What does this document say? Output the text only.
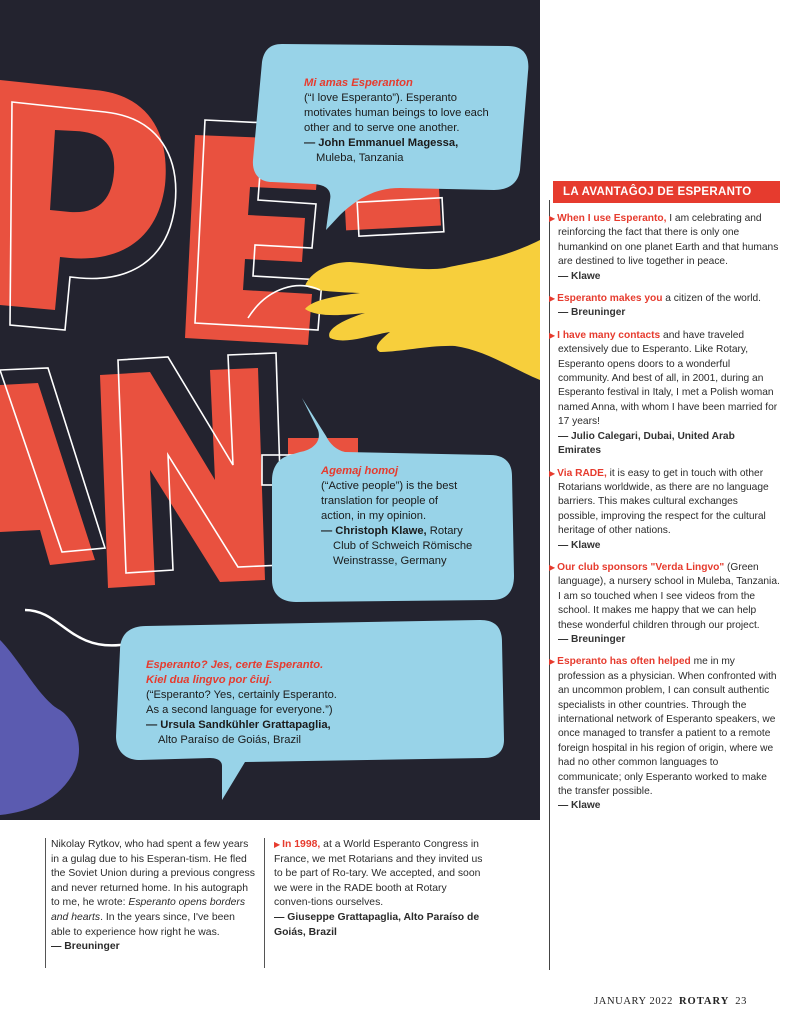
Mi amas Esperanton
(“I love Esperanto”). Esperanto
motivates human beings to love each
other and to serve one another.
— John Emmanuel Magessa,
Muleba, Tanzania
Agemaj homoj
(“Active people”) is the best
translation for people of
action, in my opinion.
— Christoph Klawe, Rotary
Club of Schweich Römische
Weinstrasse, Germany
Esperanto? Jes, certe Esperanto.
Kiel dua lingvo por ĉiuj.
(“Esperanto? Yes, certainly Esperanto.
As a second language for everyone.”)
— Ursula Sandkühler Grattapaglia,
Alto Paraíso de Goiás, Brazil
LA AVANTAĜOJ DE ESPERANTO
▶ When I use Esperanto, I am celebrating and reinforcing the fact that there is only one humankind on one planet Earth and that humans are destined to live together in peace.
— Klawe
▶ Esperanto makes you a citizen of the world.
— Breuninger
▶ I have many contacts and have traveled extensively due to Esperanto. Like Rotary, Esperanto opens doors to a wonderful community. And best of all, in 2001, during an Esperanto festival in Italy, I met a Polish woman named Anna, with whom I have been married for 17 years!
— Julio Calegari, Dubai, United Arab Emirates
▶ Via RADE, it is easy to get in touch with other Rotarians worldwide, as there are no language barriers. This makes cultural exchanges possible, improving the respect for the cultural heritage of other nations.
— Klawe
▶ Our club sponsors "Verda Lingvo" (Green language), a nursery school in Muleba, Tanzania. I am so touched when I see videos from the school. It makes me happy that we can help these wonderful children through our project.
— Breuninger
▶ Esperanto has often helped me in my profession as a physician. When confronted with an uncommon problem, I can consult authentic specialists in other countries. Through the international network of Esperanto speakers, we once managed to transfer a patient to a remote foreign hospital in his region of origin, where we had no other common languages to communicate; only Esperanto worked to make the transfer possible.
— Klawe
Nikolay Rytkov, who had spent a few years in a gulag due to his Esperan-tism. He fled the Soviet Union during a previous congress and never returned home. In his autograph to me, he wrote: Esperanto opens borders and hearts. In the years since, I've been able to experience how right he was.
— Breuninger
▶ In 1998, at a World Esperanto Congress in France, we met Rotarians and they invited us to be part of Ro-tary. We accepted, and soon we were in the RADE booth at Rotary conven-tions ourselves.
— Giuseppe Grattapaglia, Alto Paraíso de Goiás, Brazil
JANUARY 2022 ROTARY 23
